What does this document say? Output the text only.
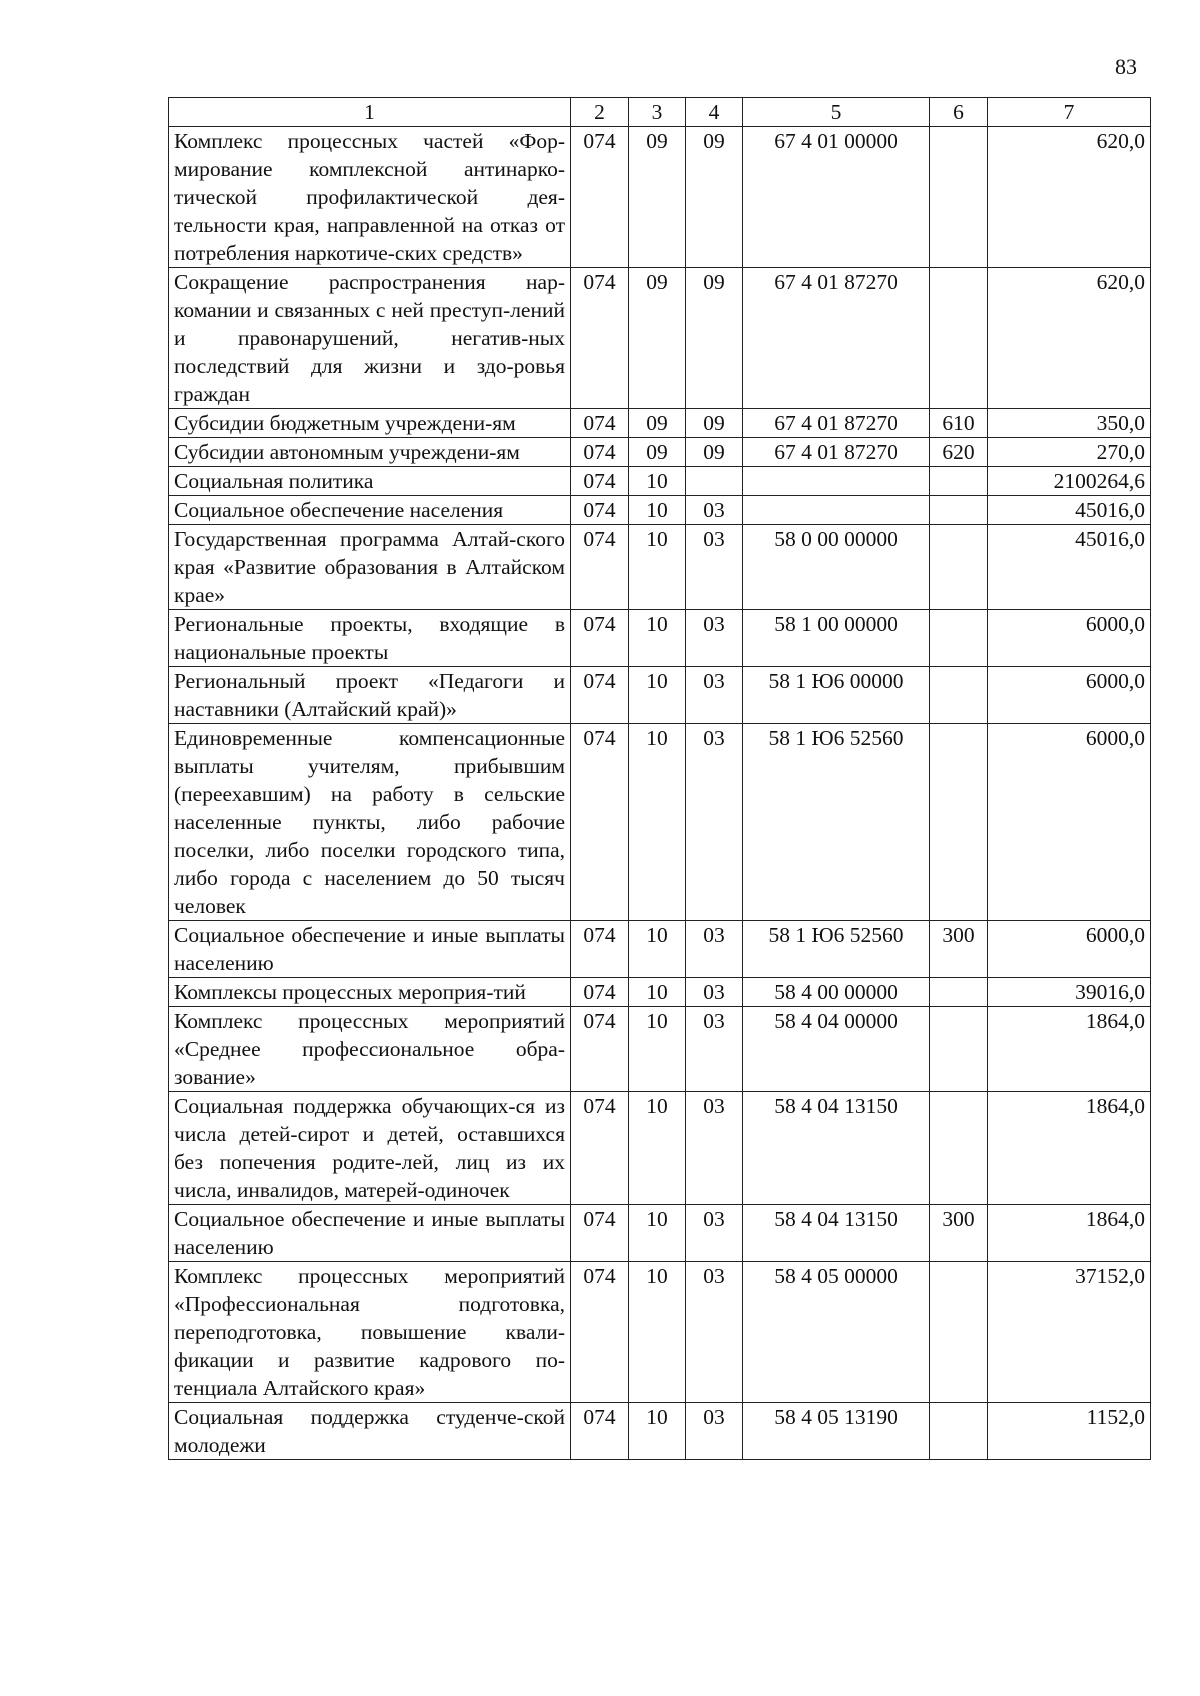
83
1	2	3	4	5	6	7
Комплекс процессных частей «Фор-мирование комплексной антинарко-тической профилактической дея-тельности края, направленной на отказ от потребления наркотиче-ских средств»	074	09	09	67 4 01 00000		620,0
Сокращение распространения нар-комании и связанных с ней преступ-лений и правонарушений, негатив-ных последствий для жизни и здо-ровья граждан	074	09	09	67 4 01 87270		620,0
Субсидии бюджетным учреждени-ям	074	09	09	67 4 01 87270	610	350,0
Субсидии автономным учреждени-ям	074	09	09	67 4 01 87270	620	270,0
Социальная политика	074	10				2100264,6
Социальное обеспечение населения	074	10	03			45016,0
Государственная программа Алтай-ского края «Развитие образования в Алтайском крае»	074	10	03	58 0 00 00000		45016,0
Региональные проекты, входящие в национальные проекты	074	10	03	58 1 00 00000		6000,0
Региональный проект «Педагоги и наставники (Алтайский край)»	074	10	03	58 1 Ю6 00000		6000,0
Единовременные компенсационные выплаты учителям, прибывшим (переехавшим) на работу в сельские населенные пункты, либо рабочие поселки, либо поселки городского типа, либо города с населением до 50 тысяч человек	074	10	03	58 1 Ю6 52560		6000,0
Социальное обеспечение и иные выплаты населению	074	10	03	58 1 Ю6 52560	300	6000,0
Комплексы процессных мероприя-тий	074	10	03	58 4 00 00000		39016,0
Комплекс процессных мероприятий «Среднее профессиональное обра-зование»	074	10	03	58 4 04 00000		1864,0
Социальная поддержка обучающих-ся из числа детей-сирот и детей, оставшихся без попечения родите-лей, лиц из их числа, инвалидов, матерей-одиночек	074	10	03	58 4 04 13150		1864,0
Социальное обеспечение и иные выплаты населению	074	10	03	58 4 04 13150	300	1864,0
Комплекс процессных мероприятий «Профессиональная подготовка, переподготовка, повышение квали-фикации и развитие кадрового по-тенциала Алтайского края»	074	10	03	58 4 05 00000		37152,0
Социальная поддержка студенче-ской молодежи	074	10	03	58 4 05 13190		1152,0
